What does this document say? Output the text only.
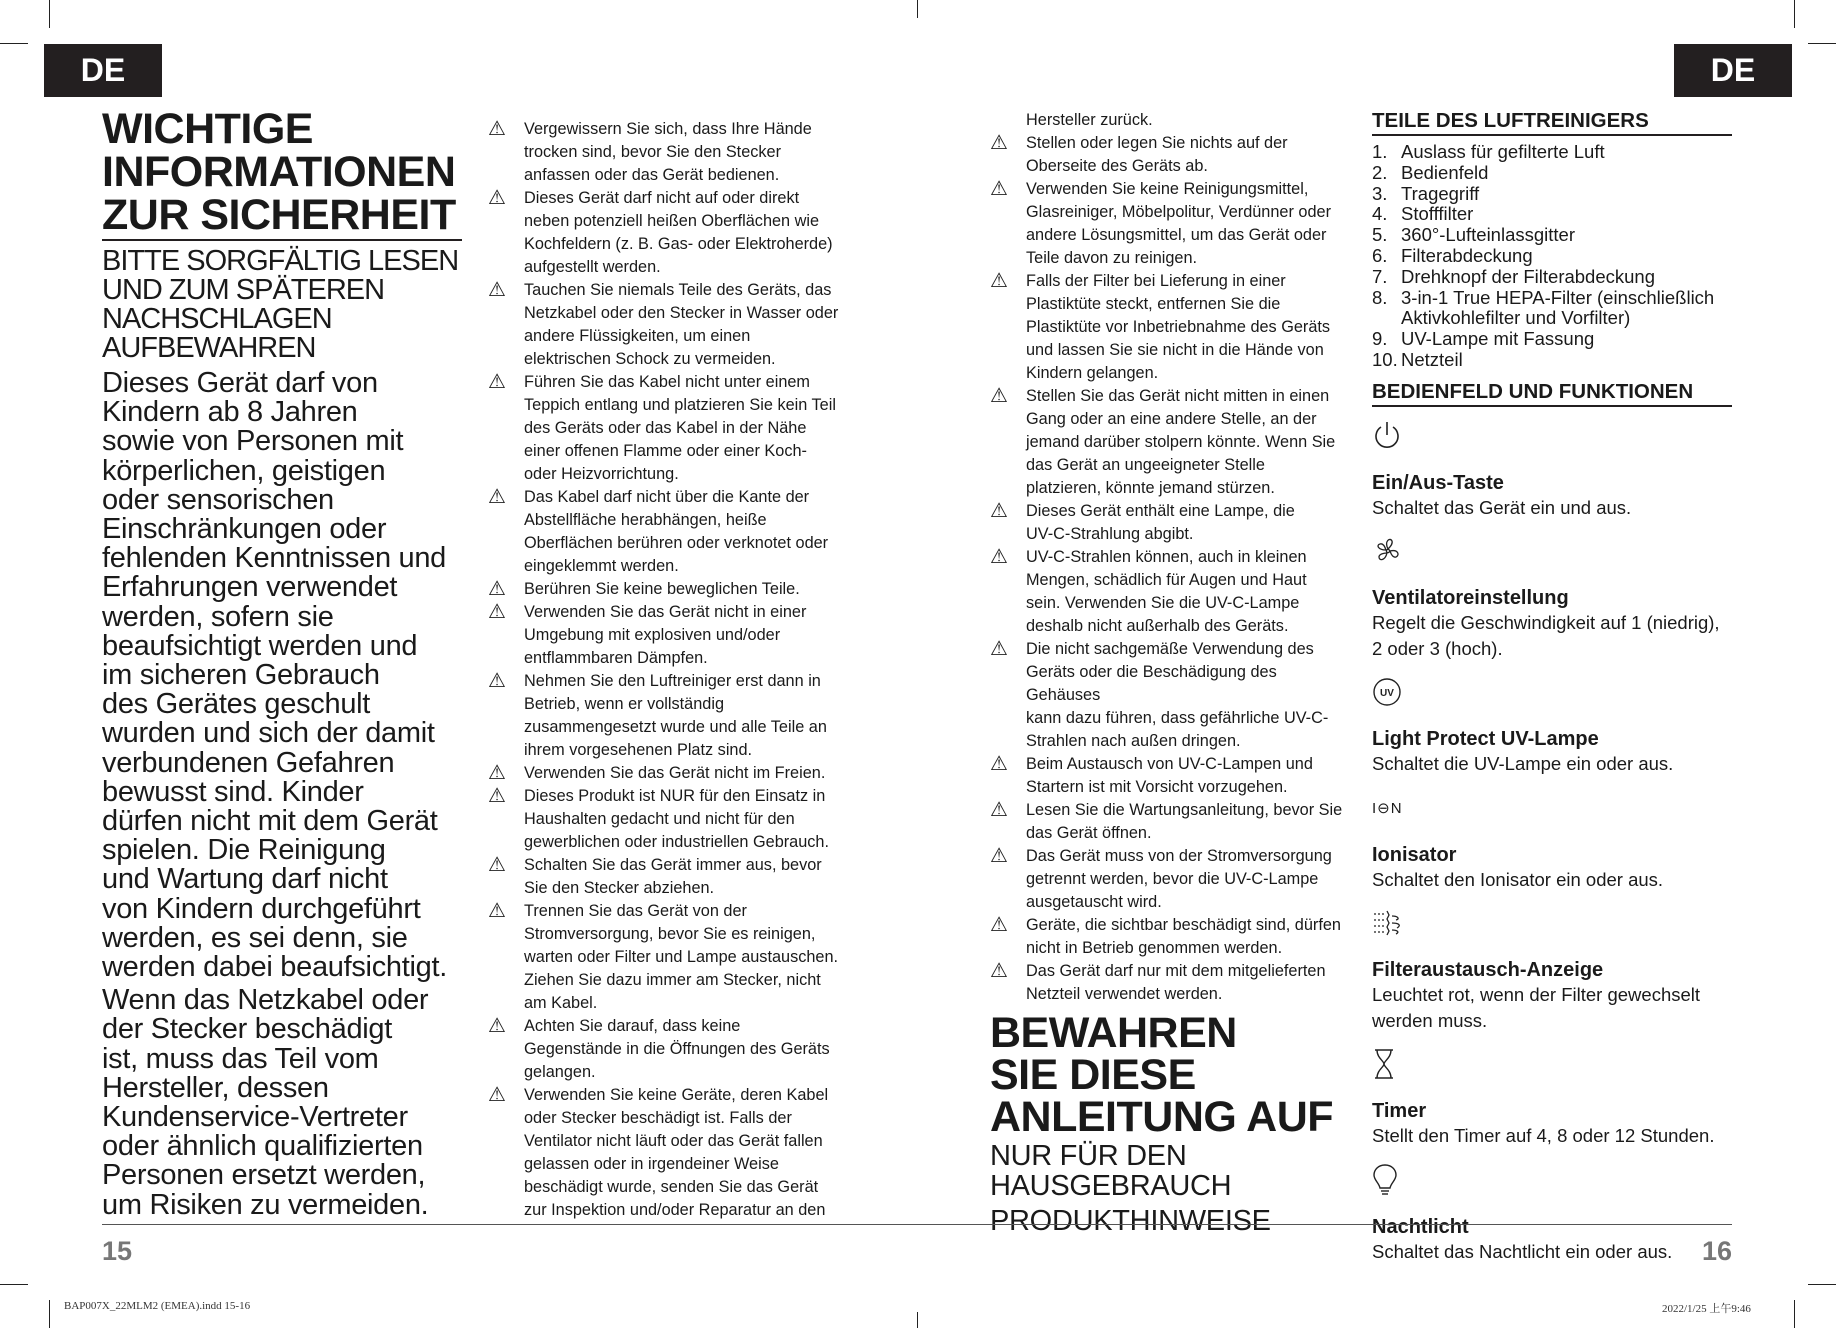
DE	DE
WICHTIGE
INFORMATIONEN
ZUR SICHERHEIT
BITTE SORGFÄLTIG LESEN
UND ZUM SPÄTEREN
NACHSCHLAGEN
AUFBEWAHREN
Dieses Gerät darf von
Kindern ab 8 Jahren
sowie von Personen mit
körperlichen, geistigen
oder sensorischen
Einschränkungen oder
fehlenden Kenntnissen und
Erfahrungen verwendet
werden, sofern sie
beaufsichtigt werden und
im sicheren Gebrauch
des Gerätes geschult
wurden und sich der damit
verbundenen Gefahren
bewusst sind. Kinder
dürfen nicht mit dem Gerät
spielen. Die Reinigung
und Wartung darf nicht
von Kindern durchgeführt
werden, es sei denn, sie
werden dabei beaufsichtigt.
Wenn das Netzkabel oder
der Stecker beschädigt
ist, muss das Teil vom
Hersteller, dessen
Kundenservice-Vertreter
oder ähnlich qualifizierten
Personen ersetzt werden,
um Risiken zu vermeiden.
⚠ Vergewissern Sie sich, dass Ihre Hände
trocken sind, bevor Sie den Stecker
anfassen oder das Gerät bedienen.
⚠ Dieses Gerät darf nicht auf oder direkt
neben potenziell heißen Oberflächen wie
Kochfeldern (z. B. Gas- oder Elektroherde)
aufgestellt werden.
⚠ Tauchen Sie niemals Teile des Geräts, das
Netzkabel oder den Stecker in Wasser oder
andere Flüssigkeiten, um einen
elektrischen Schock zu vermeiden.
⚠ Führen Sie das Kabel nicht unter einem
Teppich entlang und platzieren Sie kein Teil
des Geräts oder das Kabel in der Nähe
einer offenen Flamme oder einer Koch-
oder Heizvorrichtung.
⚠ Das Kabel darf nicht über die Kante der
Abstellfläche herabhängen, heiße
Oberflächen berühren oder verknotet oder
eingeklemmt werden.
⚠ Berühren Sie keine beweglichen Teile.
⚠ Verwenden Sie das Gerät nicht in einer
Umgebung mit explosiven und/oder
entflammbaren Dämpfen.
⚠ Nehmen Sie den Luftreiniger erst dann in
Betrieb, wenn er vollständig
zusammengesetzt wurde und alle Teile an
ihrem vorgesehenen Platz sind.
⚠ Verwenden Sie das Gerät nicht im Freien.
⚠ Dieses Produkt ist NUR für den Einsatz in
Haushalten gedacht und nicht für den
gewerblichen oder industriellen Gebrauch.
⚠ Schalten Sie das Gerät immer aus, bevor
Sie den Stecker abziehen.
⚠ Trennen Sie das Gerät von der
Stromversorgung, bevor Sie es reinigen,
warten oder Filter und Lampe austauschen.
Ziehen Sie dazu immer am Stecker, nicht
am Kabel.
⚠ Achten Sie darauf, dass keine
Gegenstände in die Öffnungen des Geräts
gelangen.
⚠ Verwenden Sie keine Geräte, deren Kabel
oder Stecker beschädigt ist. Falls der
Ventilator nicht läuft oder das Gerät fallen
gelassen oder in irgendeiner Weise
beschädigt wurde, senden Sie das Gerät
zur Inspektion und/oder Reparatur an den
Hersteller zurück.
⚠ Stellen oder legen Sie nichts auf der
Oberseite des Geräts ab.
⚠ Verwenden Sie keine Reinigungsmittel,
Glasreiniger, Möbelpolitur, Verdünner oder
andere Lösungsmittel, um das Gerät oder
Teile davon zu reinigen.
⚠ Falls der Filter bei Lieferung in einer
Plastiktüte steckt, entfernen Sie die
Plastiktüte vor Inbetriebnahme des Geräts
und lassen Sie sie nicht in die Hände von
Kindern gelangen.
⚠ Stellen Sie das Gerät nicht mitten in einen
Gang oder an eine andere Stelle, an der
jemand darüber stolpern könnte. Wenn Sie
das Gerät an ungeeigneter Stelle
platzieren, könnte jemand stürzen.
⚠ Dieses Gerät enthält eine Lampe, die
UV-C-Strahlung abgibt.
⚠ UV-C-Strahlen können, auch in kleinen
Mengen, schädlich für Augen und Haut
sein. Verwenden Sie die UV-C-Lampe
deshalb nicht außerhalb des Geräts.
⚠ Die nicht sachgemäße Verwendung des
Geräts oder die Beschädigung des Gehäuses
kann dazu führen, dass gefährliche UV-C-
Strahlen nach außen dringen.
⚠ Beim Austausch von UV-C-Lampen und
Startern ist mit Vorsicht vorzugehen.
⚠ Lesen Sie die Wartungsanleitung, bevor Sie
das Gerät öffnen.
⚠ Das Gerät muss von der Stromversorgung
getrennt werden, bevor die UV-C-Lampe
ausgetauscht wird.
⚠ Geräte, die sichtbar beschädigt sind, dürfen
nicht in Betrieb genommen werden.
⚠ Das Gerät darf nur mit dem mitgelieferten
Netzteil verwendet werden.
BEWAHREN
SIE DIESE
ANLEITUNG AUF
NUR FÜR DEN
HAUSGEBRAUCH
PRODUKTHINWEISE
TEILE DES LUFTREINIGERS
1. Auslass für gefilterte Luft
2. Bedienfeld
3. Tragegriff
4. Stofffilter
5. 360°-Lufteinlassgitter
6. Filterabdeckung
7. Drehknopf der Filterabdeckung
8. 3-in-1 True HEPA-Filter (einschließlich
Aktivkohlefilter und Vorfilter)
9. UV-Lampe mit Fassung
10. Netzteil
BEDIENFELD UND FUNKTIONEN
Ein/Aus-Taste
Schaltet das Gerät ein und aus.
Ventilatoreinstellung
Regelt die Geschwindigkeit auf 1 (niedrig),
2 oder 3 (hoch).
UV
Light Protect UV-Lampe
Schaltet die UV-Lampe ein oder aus.
I⊖N
Ionisator
Schaltet den Ionisator ein oder aus.
Filteraustausch-Anzeige
Leuchtet rot, wenn der Filter gewechselt
werden muss.
Timer
Stellt den Timer auf 4, 8 oder 12 Stunden.
Nachtlicht
Schaltet das Nachtlicht ein oder aus.
15	16
BAP007X_22MLM2 (EMEA).indd 15-16	2022/1/25 上午9:46
